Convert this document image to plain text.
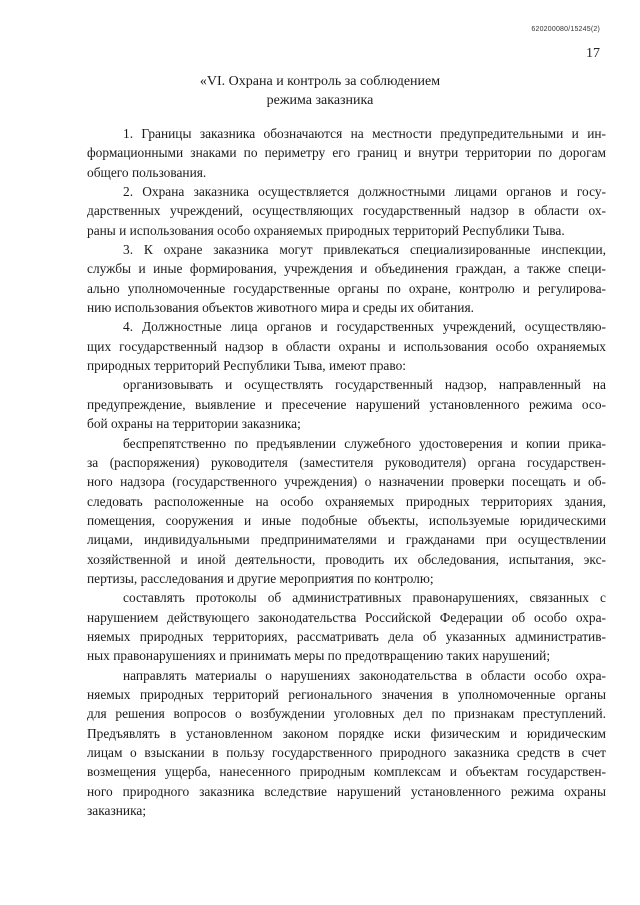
620200080/15245(2)
17
«VI. Охрана и контроль за соблюдением
режима заказника
1. Границы заказника обозначаются на местности предупредительными и ин-
формационными знаками по периметру его границ и внутри территории по дорогам
общего пользования.
2. Охрана заказника осуществляется должностными лицами органов и госу-
дарственных учреждений, осуществляющих государственный надзор в области ох-
раны и использования особо охраняемых природных территорий Республики Тыва.
3. К охране заказника могут привлекаться специализированные инспекции,
службы и иные формирования, учреждения и объединения граждан, а также специ-
ально уполномоченные государственные органы по охране, контролю и регулирова-
нию использования объектов животного мира и среды их обитания.
4. Должностные лица органов и государственных учреждений, осуществляю-
щих государственный надзор в области охраны и использования особо охраняемых
природных территорий Республики Тыва, имеют право:
организовывать и осуществлять государственный надзор, направленный на
предупреждение, выявление и пресечение нарушений установленного режима осо-
бой охраны на территории заказника;
беспрепятственно по предъявлении служебного удостоверения и копии прика-
за (распоряжения) руководителя (заместителя руководителя) органа государствен-
ного надзора (государственного учреждения) о назначении проверки посещать и об-
следовать расположенные на особо охраняемых природных территориях здания,
помещения, сооружения и иные подобные объекты, используемые юридическими
лицами, индивидуальными предпринимателями и гражданами при осуществлении
хозяйственной и иной деятельности, проводить их обследования, испытания, экс-
пертизы, расследования и другие мероприятия по контролю;
составлять протоколы об административных правонарушениях, связанных с
нарушением действующего законодательства Российской Федерации об особо охра-
няемых природных территориях, рассматривать дела об указанных административ-
ных правонарушениях и принимать меры по предотвращению таких нарушений;
направлять материалы о нарушениях законодательства в области особо охра-
няемых природных территорий регионального значения в уполномоченные органы
для решения вопросов о возбуждении уголовных дел по признакам преступлений.
Предъявлять в установленном законом порядке иски физическим и юридическим
лицам о взыскании в пользу государственного природного заказника средств в счет
возмещения ущерба, нанесенного природным комплексам и объектам государствен-
ного природного заказника вследствие нарушений установленного режима охраны
заказника;
